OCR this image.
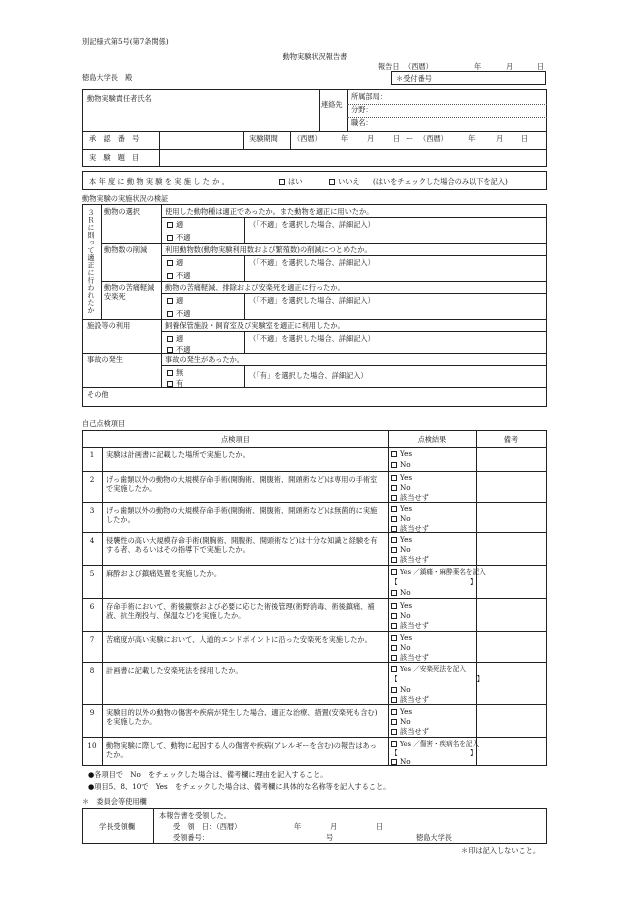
別記様式第5号(第7条関係)
動物実験状況報告書
報告日 （西暦）	年	月	日
徳島大学長　殿	＊受付番号
動物実験責任者氏名
連絡先
所属部局：
分野：
職名：
承　認　番　号	実験期間 （西暦）	年	月	日 ー （西暦）	年	月 日
実　験　題　目
本 年 度 に 動 物 実 験 を 実 施 し た か 。	はい	いいえ (はいをチェックした場合のみ以下を記入)
動物実験の実施状況の検証
３Ｒに則って適正に行われたか 動物の選択	使用した動物種は適正であったか。また動物を適正に用いたか。
適	（「不適」を選択した場合、詳細記入）
不適
動物数の削減 利用動物数(動物実験利用数および繁殖数)の削減につとめたか。
適	（「不適」を選択した場合、詳細記入）
不適
動物の苦痛軽減安楽死
動物の苦痛軽減、排除および安楽死を適正に行ったか。
適	（「不適」を選択した場合、詳細記入）
不適
施設等の利用	飼養保管施設・飼育室及び実験室を適正に利用したか。
適	（「不適」を選択した場合、詳細記入）
不適
事故の発生	事故の発生があったか。
無	（「有」を選択した場合、詳細記入）
有
その他
自己点検項目
点検項目	点検結果	備考
1	実験は計画書に記載した場所で実施したか。	Yes
No
2	げっ歯類以外の動物の大規模存命手術(開胸術、開腹術、開頭術など)は専用の手術室で実施したか。
Yes
No
該当せず
3	げっ歯類以外の動物の大規模存命手術(開胸術、開腹術、開頭術など)は無菌的に実施したか。
Yes
No
該当せず
4	侵襲性の高い大規模存命手術(開胸術、開腹術、開頭術など)は十分な知識と経験を有する者、あるいはその指導下で実施したか。
Yes
No
該当せず
5	麻酔および鎮痛処置を実施したか。	Yes ／鎮痛・麻酔薬名を記入
【　　　　　　　　　　　】
No
6	存命手術において、術後観察および必要に応じた術後管理(術野消毒、術後鎮痛、補液、抗生剤投与、保温など)を実施したか。
Yes
No
該当せず
7	苦痛度が高い実験において、人道的エンドポイントに沿った安楽死を実施したか。	Yes
No
該当せず
8	計画書に記載した安楽死法を採用したか。	Yes ／安楽死法を記入
【　　　　　　　　　　　　】
No
該当せず
9	実験目的以外の動物の傷害や疾病が発生した場合、適正な治療、措置(安楽死も含む)を実施したか。
Yes
No
該当せず
10	動物実験に際して、動物に起因する人の傷害や疾病(アレルギーを含む)の報告はあったか。
Yes ／傷害・疾病名を記入
【　　　　　　　　　　　】
No
●各項目で　No　をチェックした場合は、備考欄に理由を記入すること。
●項目5、8、10で　Yes　をチェックした場合は、備考欄に具体的な名称等を記入すること。
＊　委員会等使用欄
学長受領欄
本報告書を受領した。
受　領　日：（西暦）	年	月	日
受領番号：	号	徳島大学長
＊印は記入しないこと。
